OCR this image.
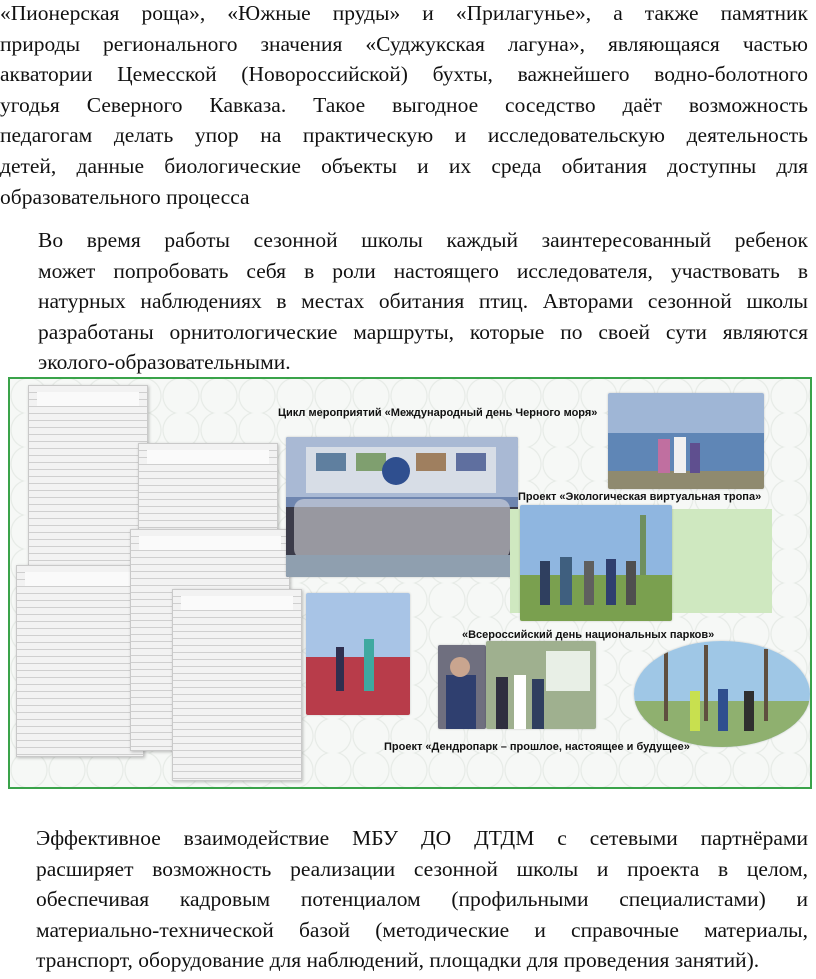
«Пионерская роща», «Южные пруды» и «Прилагунье», а также памятник
природы регионального значения «Суджукская лагуна», являющаяся частью
акватории Цемесской (Новороссийской) бухты, важнейшего водно-болотного
угодья Северного Кавказа. Такое выгодное соседство даёт возможность
педагогам делать упор на практическую и исследовательскую деятельность
детей, данные биологические объекты и их среда обитания доступны для
образовательного процесса

Во время работы сезонной школы каждый заинтересованный ребенок
может попробовать себя в роли настоящего исследователя, участвовать в
натурных наблюдениях в местах обитания птиц. Авторами сезонной школы
разработаны орнитологические маршруты, которые по своей сути являются
эколого-образовательными.

Цикл мероприятий «Международный день Черного моря»
Проект «Экологическая виртуальная тропа»
«Всероссийский день национальных парков»
Проект «Дендропарк – прошлое, настоящее и будущее»

Эффективное взаимодействие МБУ ДО ДТДМ с сетевыми партнёрами
расширяет возможность реализации сезонной школы и проекта в целом,
обеспечивая кадровым потенциалом (профильными специалистами) и
материально-технической базой (методические и справочные материалы,
транспорт, оборудование для наблюдений, площадки для проведения занятий).
